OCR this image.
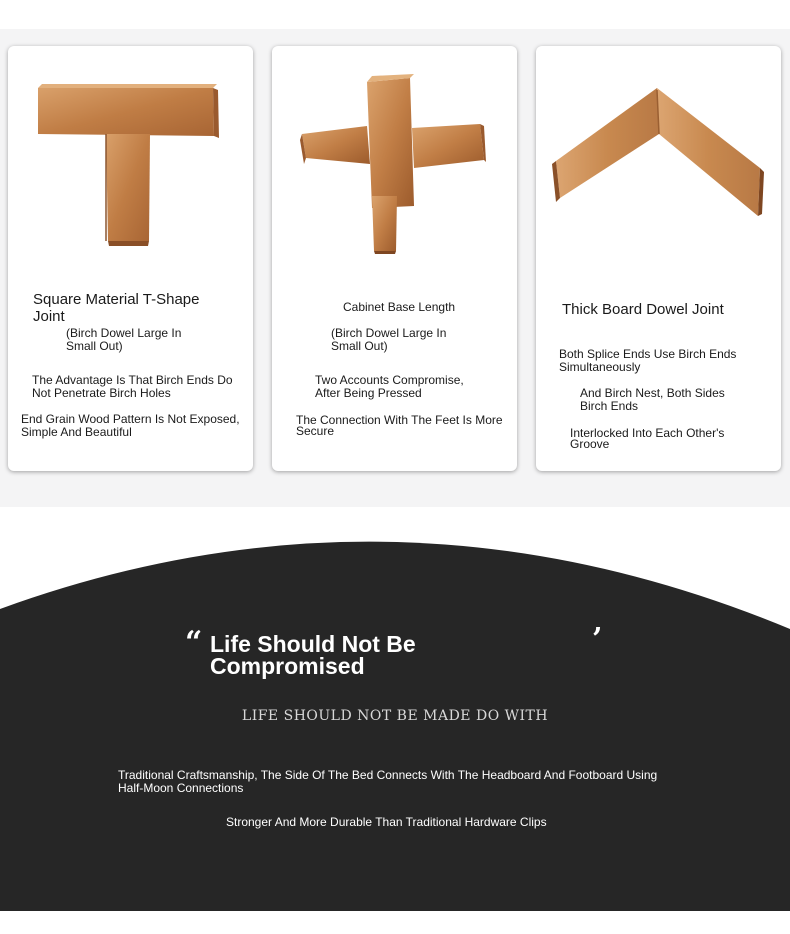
Square Material T-Shape Joint
(Birch Dowel Large In Small Out)
The Advantage Is That Birch Ends Do Not Penetrate Birch Holes
End Grain Wood Pattern Is Not Exposed, Simple And Beautiful
Cabinet Base Length
(Birch Dowel Large In Small Out)
Two Accounts Compromise, After Being Pressed
The Connection With The Feet Is More Secure
Thick Board Dowel Joint
Both Splice Ends Use Birch Ends Simultaneously
And Birch Nest, Both Sides Birch Ends
Interlocked Into Each Other's Groove
“ Life Should Not Be Compromised
’
LIFE SHOULD NOT BE MADE DO WITH
Traditional Craftsmanship, The Side Of The Bed Connects With The Headboard And Footboard Using Half-Moon Connections
Stronger And More Durable Than Traditional Hardware Clips
